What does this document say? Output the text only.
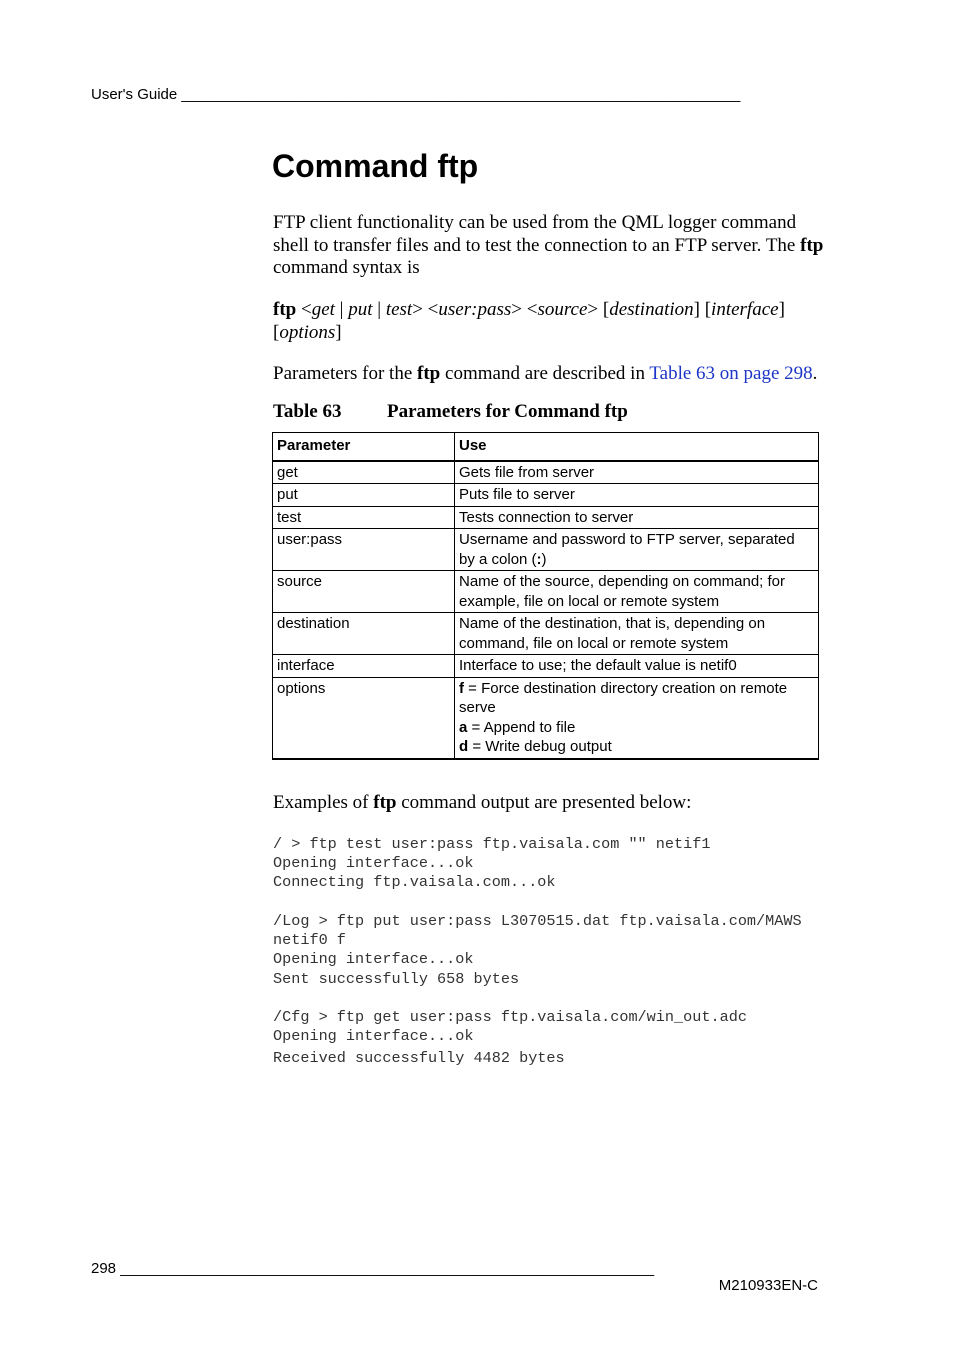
User's Guide ___________________________________________________________________
Command ftp

FTP client functionality can be used from the QML logger command shell to transfer files and to test the connection to an FTP server. The ftp command syntax is

ftp <get | put | test> <user:pass> <source> [destination] [interface] [options]

Parameters for the ftp command are described in Table 63 on page 298.

Table 63 Parameters for Command ftp
Parameter	Use
get	Gets file from server
put	Puts file to server
test	Tests connection to server
user:pass	Username and password to FTP server, separated by a colon (:)
source	Name of the source, depending on command; for example, file on local or remote system
destination	Name of the destination, that is, depending on command, file on local or remote system
interface	Interface to use; the default value is netif0
options	f = Force destination directory creation on remote serve
a = Append to file
d = Write debug output

Examples of ftp command output are presented below:

/ > ftp test user:pass ftp.vaisala.com "" netif1
Opening interface...ok
Connecting ftp.vaisala.com...ok
/Log > ftp put user:pass L3070515.dat ftp.vaisala.com/MAWS
netif0 f
Opening interface...ok
Sent successfully 658 bytes
/Cfg > ftp get user:pass ftp.vaisala.com/win_out.adc
Opening interface...ok
Received successfully 4482 bytes

298 ________________________________________________________________

M210933EN-C
